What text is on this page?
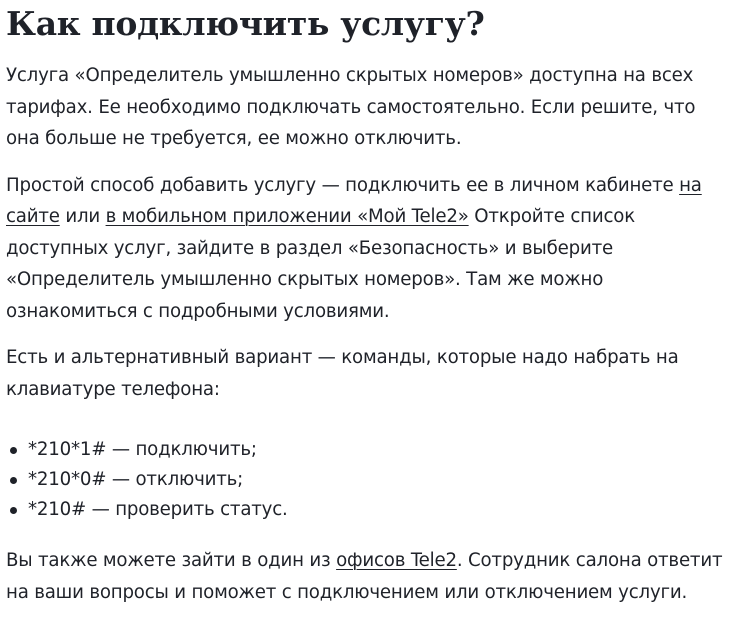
Как подключить услугу?

Услуга «Определитель умышленно скрытых номеров» доступна на всех тарифах. Ее необходимо подключать самостоятельно. Если решите, что она больше не требуется, ее можно отключить.

Простой способ добавить услугу — подключить ее в личном кабинете на сайте или в мобильном приложении «Мой Tele2» Откройте список доступных услуг, зайдите в раздел «Безопасность» и выберите «Определитель умышленно скрытых номеров». Там же можно ознакомиться с подробными условиями.

Есть и альтернативный вариант — команды, которые надо набрать на клавиатуре телефона:

*210*1# — подключить;
*210*0# — отключить;
*210# — проверить статус.

Вы также можете зайти в один из офисов Tele2. Сотрудник салона ответит на ваши вопросы и поможет с подключением или отключением услуги.
